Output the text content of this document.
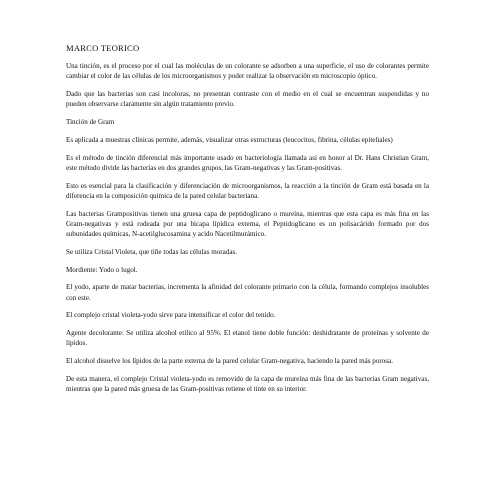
MARCO TEORICO

Una tinción, es el proceso por el cual las moléculas de un colorante se adsorben a una superficie, el uso de colorantes permite cambiar el color de las células de los microorganismos y poder realizar la observación en microscopio óptico.

Dado que las bacterias son casi incoloras, no presentan contraste con el medio en el cual se encuentran suspendidas y no pueden observarse claramente sin algún tratamiento previo.

Tinción de Gram

Es aplicada a muestras clínicas permite, además, visualizar otras estructuras (leucocitos, fibrina, células epiteliales)

Es el método de tinción diferencial más importante usado en bacteriología llamada así en honor al Dr. Hans Christian Gram, este método divide las bacterias en dos grandes grupos, las Gram-negativas y las Gram-positivas.

Esto es esencial para la clasificación y diferenciación de microorganismos, la reacción a la tinción de Gram está basada en la diferencia en la composición química de la pared celular bacteriana.

Las bacterias Grampositivas tienen una gruesa capa de peptidoglicano o mureína, mientras que esta capa es más fina en las Gram-negativas y está rodeada por una bicapa lipídica externa, el Peptidoglicano es un polisacárido formado por dos subunidades químicas, N-acetilglucosamina y acido Nacetilmurámico.

Se utiliza Cristal Violeta, que tiñe todas las células moradas.

Mordiente: Yodo o lugol.

El yodo, aparte de matar bacterias, incrementa la afinidad del colorante primario con la célula, formando complejos insolubles con este.

El complejo cristal violeta-yodo sirve para intensificar el color del tenido.

Agente decolorante: Se utiliza alcohol etílico al 95%. El etanol tiene doble función: deshidratante de proteínas y solvente de lípidos.

El alcohol disuelve los lípidos de la parte externa de la pared celular Gram-negativa, haciendo la pared más porosa.

De esta manera, el complejo Cristal violeta-yodo es removido de la capa de mureína más fina de las bacterias Gram negativas, mientras que la pared más gruesa de las Gram-positivas retiene el tinte en su interior.
